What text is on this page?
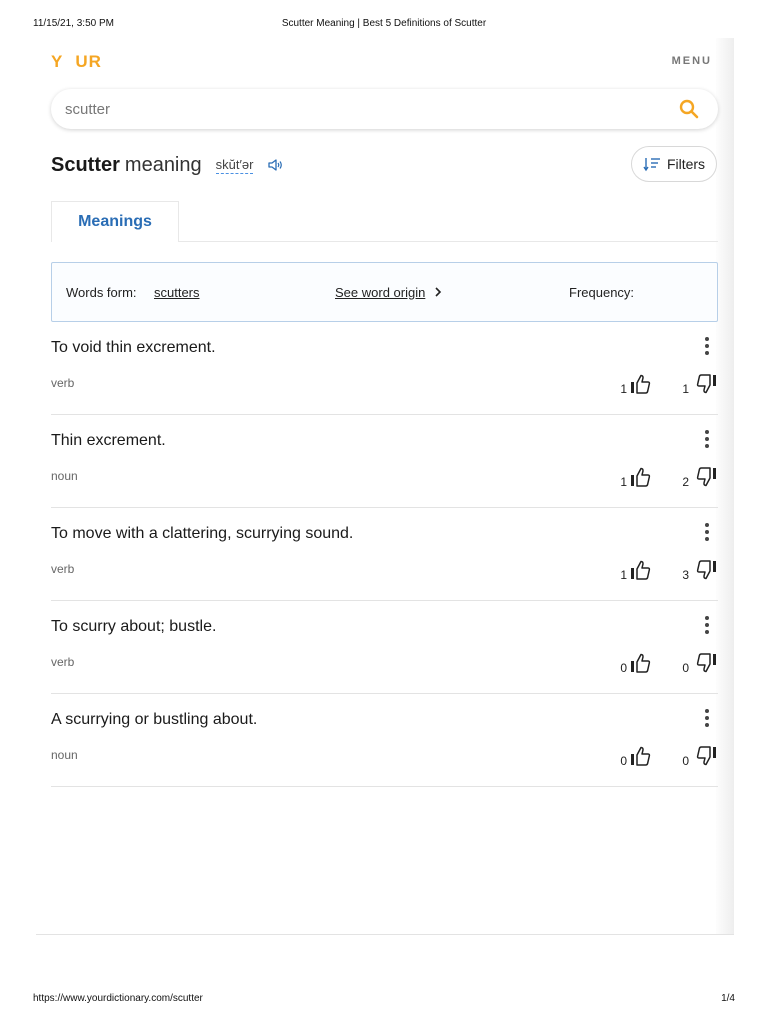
11/15/21, 3:50 PM	Scutter Meaning | Best 5 Definitions of Scutter
Y UR	MENU
scutter
Scutter meaning skŭt′ər	Filters
Meanings
Words form: scutters	See word origin	Frequency:
To void thin excrement.
verb	1	1
Thin excrement.
noun	1	2
To move with a clattering, scurrying sound.
verb	1	3
To scurry about; bustle.
verb	0	0
A scurrying or bustling about.
noun	0	0
https://www.yourdictionary.com/scutter	1/4
